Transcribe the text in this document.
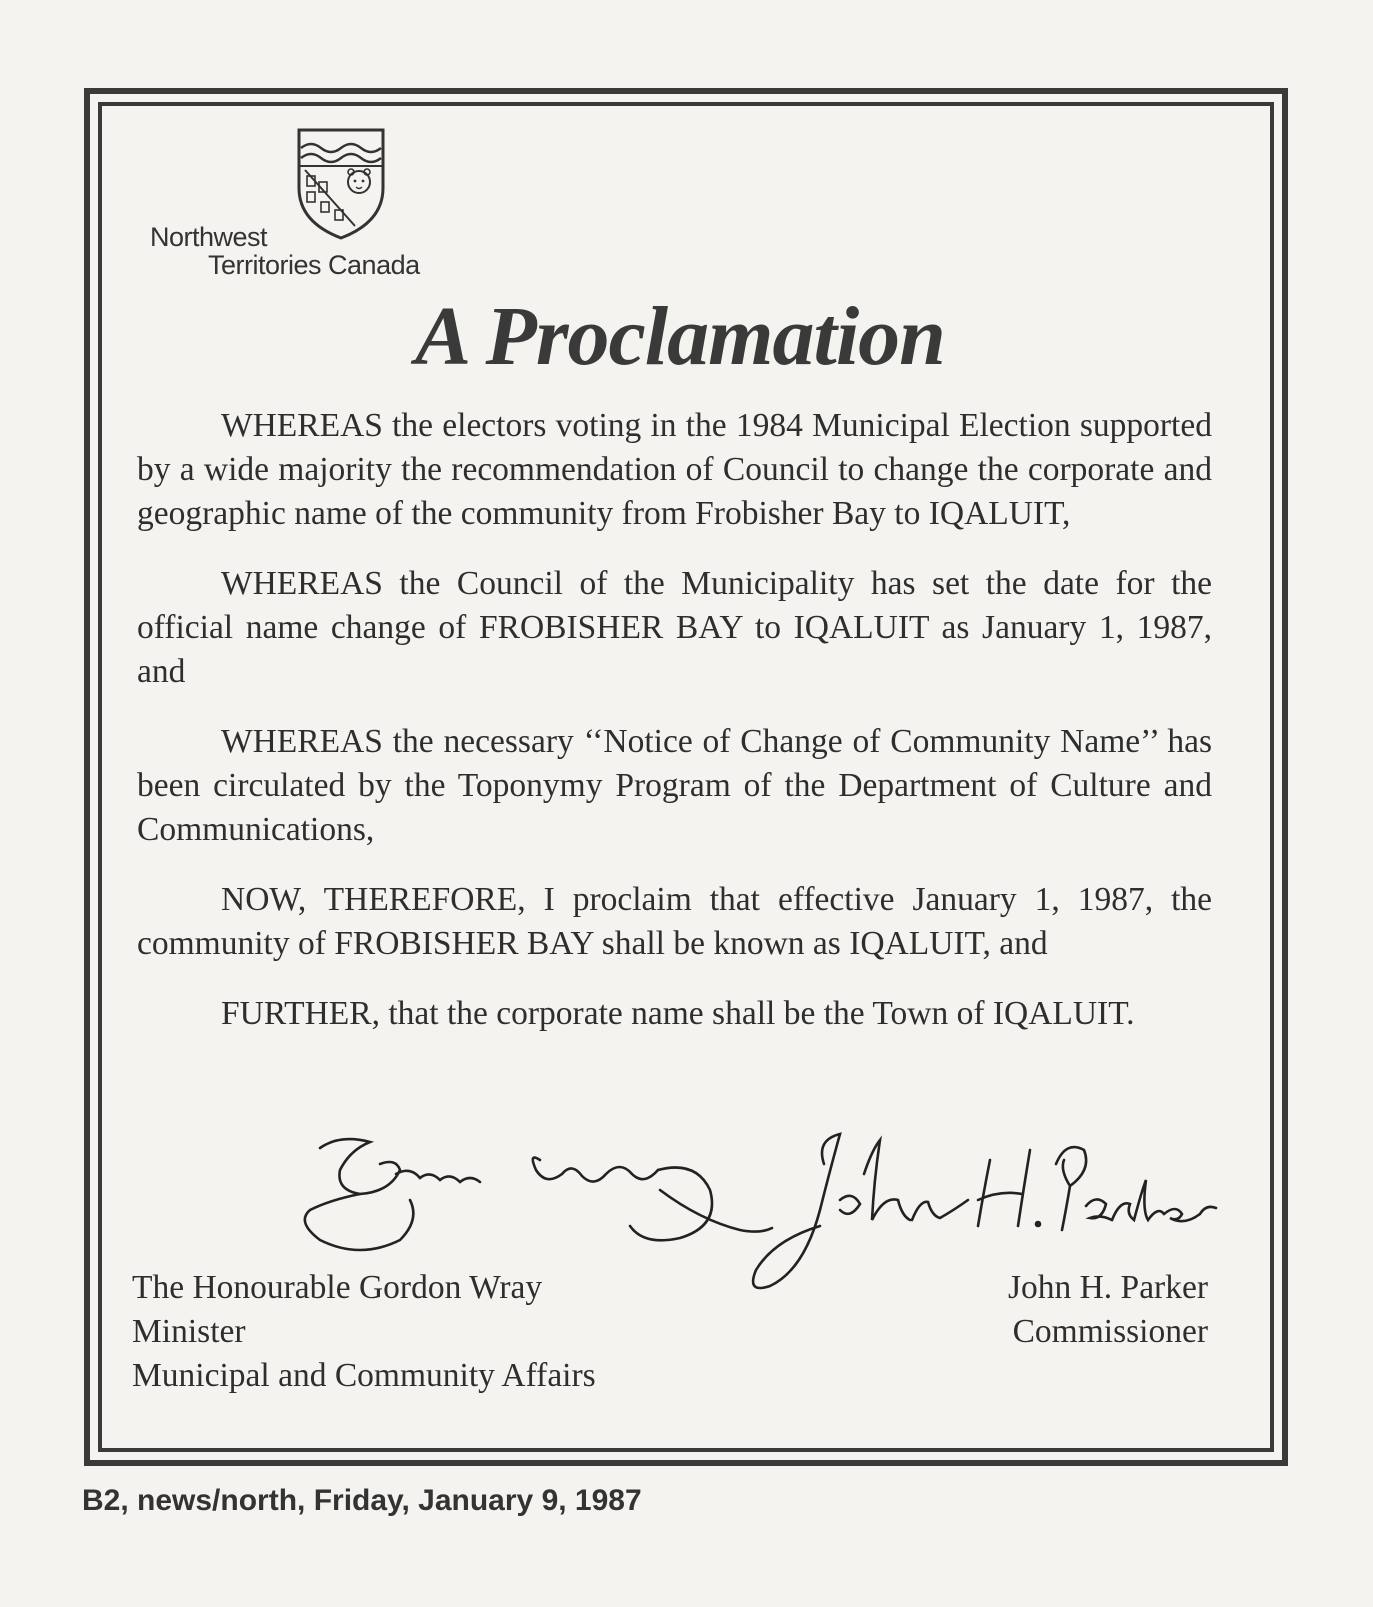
Northwest
Territories Canada
A Proclamation

WHEREAS the electors voting in the 1984 Municipal Election supported by a wide majority the recommendation of Council to change the corporate and geographic name of the community from Frobisher Bay to IQALUIT,

WHEREAS the Council of the Municipality has set the date for the official name change of FROBISHER BAY to IQALUIT as January 1, 1987, and

WHEREAS the necessary ‘‘Notice of Change of Community Name’’ has been circulated by the Toponymy Program of the Department of Culture and Communications,

NOW, THEREFORE, I proclaim that effective January 1, 1987, the community of FROBISHER BAY shall be known as IQALUIT, and

FURTHER, that the corporate name shall be the Town of IQALUIT.

The Honourable Gordon Wray
Minister
Municipal and Community Affairs
John H. Parker
Commissioner
B2, news/north, Friday, January 9, 1987
